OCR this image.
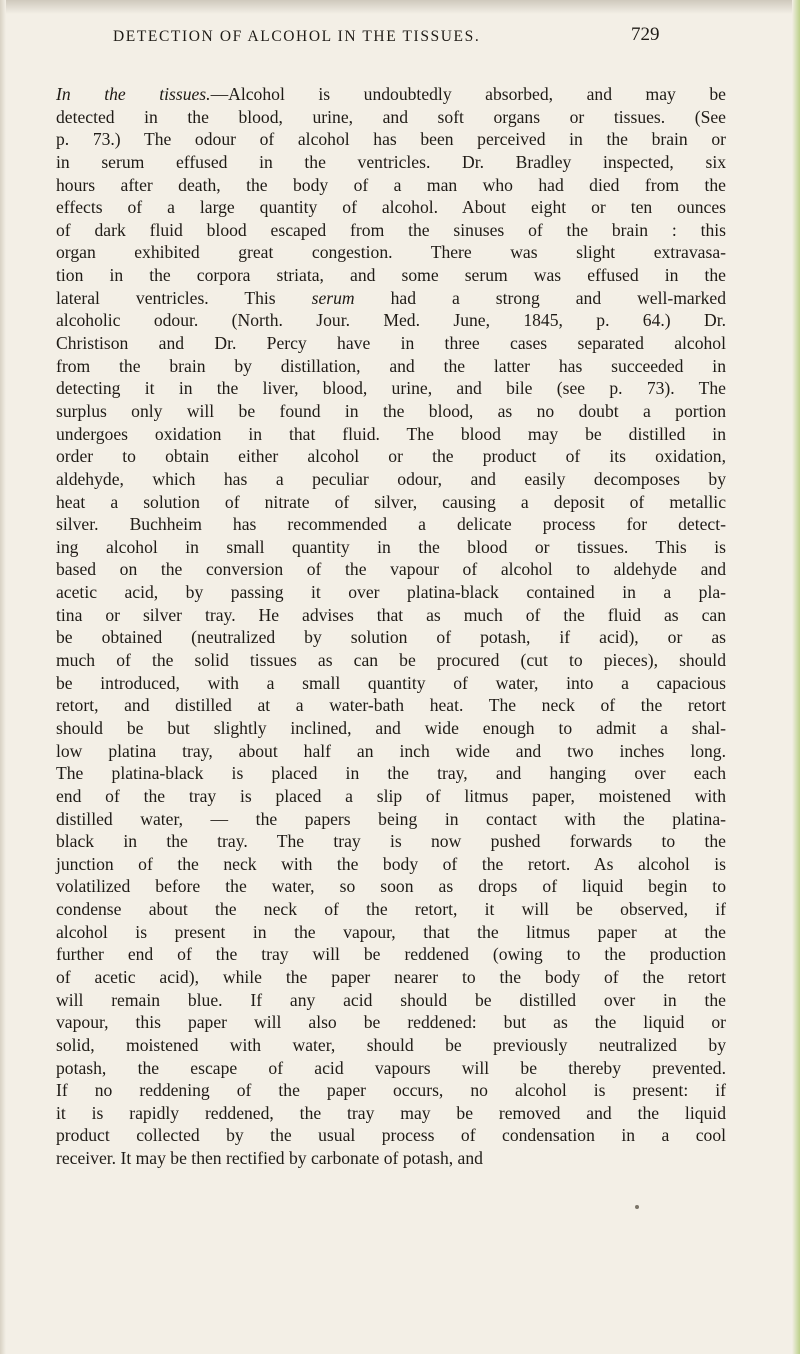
DETECTION OF ALCOHOL IN THE TISSUES.	729
In the tissues.—Alcohol is undoubtedly absorbed, and may be
detected in the blood, urine, and soft organs or tissues. (See
p. 73.) The odour of alcohol has been perceived in the brain or
in serum effused in the ventricles. Dr. Bradley inspected, six
hours after death, the body of a man who had died from the
effects of a large quantity of alcohol. About eight or ten ounces
of dark fluid blood escaped from the sinuses of the brain : this
organ exhibited great congestion. There was slight extravasa-
tion in the corpora striata, and some serum was effused in the
lateral ventricles. This serum had a strong and well-marked
alcoholic odour. (North. Jour. Med. June, 1845, p. 64.) Dr.
Christison and Dr. Percy have in three cases separated alcohol
from the brain by distillation, and the latter has succeeded in
detecting it in the liver, blood, urine, and bile (see p. 73). The
surplus only will be found in the blood, as no doubt a portion
undergoes oxidation in that fluid. The blood may be distilled in
order to obtain either alcohol or the product of its oxidation,
aldehyde, which has a peculiar odour, and easily decomposes by
heat a solution of nitrate of silver, causing a deposit of metallic
silver. Buchheim has recommended a delicate process for detect-
ing alcohol in small quantity in the blood or tissues. This is
based on the conversion of the vapour of alcohol to aldehyde and
acetic acid, by passing it over platina-black contained in a pla-
tina or silver tray. He advises that as much of the fluid as can
be obtained (neutralized by solution of potash, if acid), or as
much of the solid tissues as can be procured (cut to pieces), should
be introduced, with a small quantity of water, into a capacious
retort, and distilled at a water-bath heat. The neck of the retort
should be but slightly inclined, and wide enough to admit a shal-
low platina tray, about half an inch wide and two inches long.
The platina-black is placed in the tray, and hanging over each
end of the tray is placed a slip of litmus paper, moistened with
distilled water, — the papers being in contact with the platina-
black in the tray. The tray is now pushed forwards to the
junction of the neck with the body of the retort. As alcohol is
volatilized before the water, so soon as drops of liquid begin to
condense about the neck of the retort, it will be observed, if
alcohol is present in the vapour, that the litmus paper at the
further end of the tray will be reddened (owing to the production
of acetic acid), while the paper nearer to the body of the retort
will remain blue. If any acid should be distilled over in the
vapour, this paper will also be reddened: but as the liquid or
solid, moistened with water, should be previously neutralized by
potash, the escape of acid vapours will be thereby prevented.
If no reddening of the paper occurs, no alcohol is present: if
it is rapidly reddened, the tray may be removed and the liquid
product collected by the usual process of condensation in a cool
receiver. It may be then rectified by carbonate of potash, and
